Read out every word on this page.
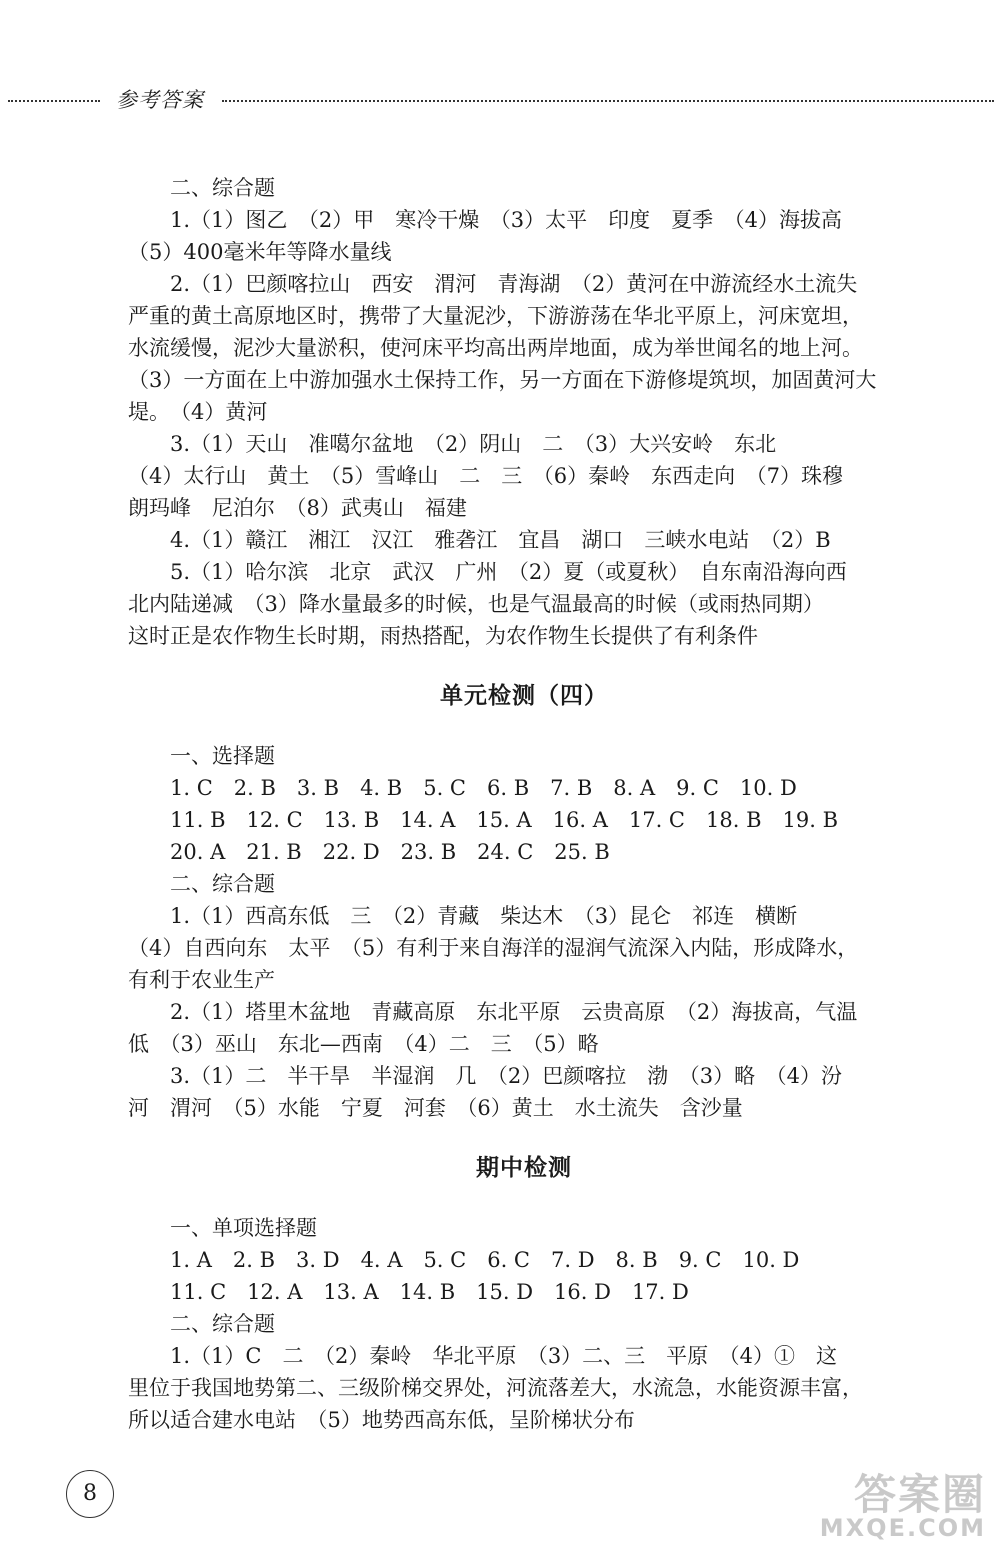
参考答案
二、综合题
1.（1）图乙　（2）甲　寒冷干燥　（3）太平　印度　夏季　（4）海拔高
（5）400毫米年等降水量线
2.（1）巴颜喀拉山　西安　渭河　青海湖　（2）黄河在中游流经水土流失
严重的黄土高原地区时，携带了大量泥沙，下游游荡在华北平原上，河床宽坦，
水流缓慢，泥沙大量淤积，使河床平均高出两岸地面，成为举世闻名的地上河。
（3）一方面在上中游加强水土保持工作，另一方面在下游修堤筑坝，加固黄河大
堤。　（4）黄河
3.（1）天山　准噶尔盆地　（2）阴山　二　（3）大兴安岭　东北
（4）太行山　黄土　（5）雪峰山　二　三　（6）秦岭　东西走向　（7）珠穆
朗玛峰　尼泊尔　（8）武夷山　福建
4.（1）赣江　湘江　汉江　雅砻江　宜昌　湖口　三峡水电站　（2）B
5.（1）哈尔滨　北京　武汉　广州　（2）夏（或夏秋）　自东南沿海向西
北内陆递减　（3）降水量最多的时候，也是气温最高的时候（或雨热同期）
这时正是农作物生长时期，雨热搭配，为农作物生长提供了有利条件
单元检测（四）
一、选择题
1. C　2. B　3. B　4. B　5. C　6. B　7. B　8. A　9. C　10. D
11. B　12. C　13. B　14. A　15. A　16. A　17. C　18. B　19. B
20. A　21. B　22. D　23. B　24. C　25. B
二、综合题
1.（1）西高东低　三　（2）青藏　柴达木　（3）昆仑　祁连　横断
（4）自西向东　太平　（5）有利于来自海洋的湿润气流深入内陆，形成降水，
有利于农业生产
2.（1）塔里木盆地　青藏高原　东北平原　云贵高原　（2）海拔高，气温
低　（3）巫山　东北—西南　（4）二　三　（5）略
3.（1）二　半干旱　半湿润　几　（2）巴颜喀拉　渤　（3）略　（4）汾
河　渭河　（5）水能　宁夏　河套　（6）黄土　水土流失　含沙量
期中检测
一、单项选择题
1. A　2. B　3. D　4. A　5. C　6. C　7. D　8. B　9. C　10. D
11. C　12. A　13. A　14. B　15. D　16. D　17. D
二、综合题
1.（1）C　二　（2）秦岭　华北平原　（3）二、三　平原　（4）①　这
里位于我国地势第二、三级阶梯交界处，河流落差大，水流急，水能资源丰富，
所以适合建水电站　（5）地势西高东低，呈阶梯状分布
8	答案圈
MXQE.COM
